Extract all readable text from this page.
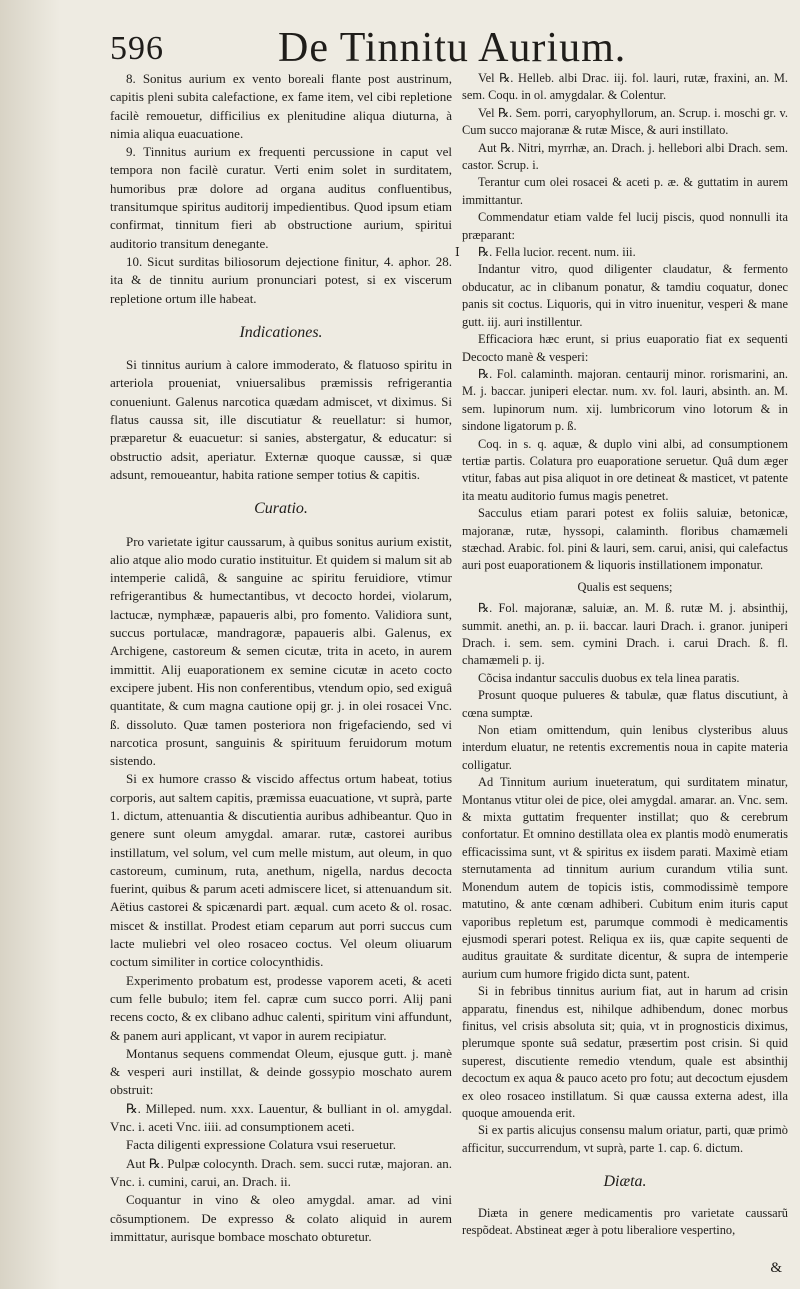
596	De Tinnitu Aurium.

8. Sonitus aurium ex vento boreali flante post austrinum, capitis pleni subita calefactione, ex fame item, vel cibi repletione facilè remouetur, difficilius ex plenitudine aliqua diuturna, à nimia aliqua euacuatione.

9. Tinnitus aurium ex frequenti percussione in caput vel tempora non facilè curatur. Verti enim solet in surditatem, humoribus præ dolore ad organa auditus confluentibus, transitumque spiritus auditorij impedientibus. Quod ipsum etiam confirmat, tinnitum fieri ab obstructione aurium, spiritui auditorio transitum denegante.

10. Sicut surditas biliosorum dejectione finitur, 4. aphor. 28. ita & de tinnitu aurium pronunciari potest, si ex viscerum repletione ortum ille habeat.

Indicationes.

Si tinnitus aurium à calore immoderato, & flatuoso spiritu in arteriola proueniat, vniuersalibus præmissis refrigerantia conueniunt. Galenus narcotica quædam admiscet, vt diximus. Si flatus caussa sit, ille discutiatur & reuellatur: si humor, præparetur & euacuetur: si sanies, abstergatur, & educatur: si obstructio adsit, aperiatur. Externæ quoque caussæ, si quæ adsunt, remoueantur, habita ratione semper totius & capitis.

Curatio.

Pro varietate igitur caussarum, à quibus sonitus aurium existit, alio atque alio modo curatio instituitur. Et quidem si malum sit ab intemperie calidâ, & sanguine ac spiritu feruidiore, vtimur refrigerantibus & humectantibus, vt decocto hordei, violarum, lactucæ, nymphææ, papaueris albi, pro fomento. Validiora sunt, succus portulacæ, mandragoræ, papaueris albi. Galenus, ex Archigene, castoreum & semen cicutæ, trita in aceto, in aurem immittit. Alij euaporationem ex semine cicutæ in aceto cocto excipere jubent. His non conferentibus, vtendum opio, sed exiguâ quantitate, & cum magna cautione opij gr. j. in olei rosacei Vnc. ß. dissoluto. Quæ tamen posteriora non frigefaciendo, sed vi narcotica prosunt, sanguinis & spirituum feruidorum motum sistendo.

Si ex humore crasso & viscido affectus ortum habeat, totius corporis, aut saltem capitis, præmissa euacuatione, vt suprà, parte 1. dictum, attenuantia & discutientia auribus adhibeantur. Quo in genere sunt oleum amygdal. amarar. rutæ, castorei auribus instillatum, vel solum, vel cum melle mistum, aut oleum, in quo castoreum, cuminum, ruta, anethum, nigella, nardus decocta fuerint, quibus & parum aceti admiscere licet, si attenuandum sit. Aëtius castorei & spicænardi part. æqual. cum aceto & ol. rosac. miscet & instillat. Prodest etiam ceparum aut porri succus cum lacte muliebri vel oleo rosaceo coctus. Vel oleum oliuarum coctum similiter in cortice colocynthidis.

Experimento probatum est, prodesse vaporem aceti, & aceti cum felle bubulo; item fel. capræ cum succo porri. Alij pani recens cocto, & ex clibano adhuc calenti, spiritum vini affundunt, & panem auri applicant, vt vapor in aurem recipiatur.

Montanus sequens commendat Oleum, ejusque gutt. j. manè & vesperi auri instillat, & deinde gossypio moschato aurem obstruit:

℞. Milleped. num. xxx. Lauentur, & bulliant in ol. amygdal. Vnc. i. aceti Vnc. iiii. ad consumptionem aceti.

Facta diligenti expressione Colatura vsui reseruetur.

Aut ℞. Pulpæ colocynth. Drach. sem. succi rutæ, majoran. an. Vnc. i. cumini, carui, an. Drach. ii.

Coquantur in vino & oleo amygdal. amar. ad vini cõsumptionem. De expresso & colato aliquid in aurem immittatur, aurisque bombace moschato obturetur.

Vel ℞. Helleb. albi Drac. iij. fol. lauri, rutæ, fraxini, an. M. sem. Coqu. in ol. amygdalar. & Colentur.

Vel ℞. Sem. porri, caryophyllorum, an. Scrup. i. moschi gr. v. Cum succo majoranæ & rutæ Misce, & auri instillato.

Aut ℞. Nitri, myrrhæ, an. Drach. j. hellebori albi Drach. sem. castor. Scrup. i.

Terantur cum olei rosacei & aceti p. æ. & guttatim in aurem immittantur.

Commendatur etiam valde fel lucij piscis, quod nonnulli ita præparant:

℞. Fella lucior. recent. num. iii.

Indantur vitro, quod diligenter claudatur, & fermento obducatur, ac in clibanum ponatur, & tamdiu coquatur, donec panis sit coctus. Liquoris, qui in vitro inuenitur, vesperi & mane gutt. iij. auri instillentur.

Efficaciora hæc erunt, si prius euaporatio fiat ex sequenti Decocto manè & vesperi:

℞. Fol. calaminth. majoran. centaurij minor. rorismarini, an. M. j. baccar. juniperi electar. num. xv. fol. lauri, absinth. an. M. sem. lupinorum num. xij. lumbricorum vino lotorum & in sindone ligatorum p. ß.

Coq. in s. q. aquæ, & duplo vini albi, ad consumptionem tertiæ partis. Colatura pro euaporatione seruetur. Quâ dum æger vtitur, fabas aut pisa aliquot in ore detineat & masticet, vt patente ita meatu auditorio fumus magis penetret.

Sacculus etiam parari potest ex foliis saluiæ, betonicæ, majoranæ, rutæ, hyssopi, calaminth. floribus chamæmeli stæchad. Arabic. fol. pini & lauri, sem. carui, anisi, qui calefactus auri post euaporationem & liquoris instillationem imponatur.

Qualis est sequens;

℞. Fol. majoranæ, saluiæ, an. M. ß. rutæ M. j. absinthij, summit. anethi, an. p. ii. baccar. lauri Drach. i. granor. juniperi Drach. i. sem. sem. cymini Drach. i. carui Drach. ß. fl. chamæmeli p. ij.

Cõcisa indantur sacculis duobus ex tela linea paratis.

Prosunt quoque pulueres & tabulæ, quæ flatus discutiunt, à cœna sumptæ.

Non etiam omittendum, quin lenibus clysteribus aluus interdum eluatur, ne retentis excrementis noua in capite materia colligatur.

Ad Tinnitum aurium inueteratum, qui surditatem minatur, Montanus vtitur olei de pice, olei amygdal. amarar. an. Vnc. sem. & mixta guttatim frequenter instillat; quo & cerebrum confortatur. Et omnino destillata olea ex plantis modò enumeratis efficacissima sunt, vt & spiritus ex iisdem parati. Maximè etiam sternutamenta ad tinnitum aurium curandum vtilia sunt. Monendum autem de topicis istis, commodissimè tempore matutino, & ante cœnam adhiberi. Cubitum enim ituris caput vaporibus repletum est, parumque commodi è medicamentis ejusmodi sperari potest. Reliqua ex iis, quæ capite sequenti de auditus grauitate & surditate dicentur, & supra de intemperie aurium cum humore frigido dicta sunt, patent.

Si in febribus tinnitus aurium fiat, aut in harum ad crisin apparatu, finendus est, nihilque adhibendum, donec morbus finitus, vel crisis absoluta sit; quia, vt in prognosticis diximus, plerumque sponte suâ sedatur, præsertim post crisin. Si quid superest, discutiente remedio vtendum, quale est absinthij decoctum ex aqua & pauco aceto pro fotu; aut decoctum ejusdem ex oleo rosaceo instillatum. Si quæ caussa externa adest, illa quoque amouenda erit.

Si ex partis alicujus consensu malum oriatur, parti, quæ primò afficitur, succurrendum, vt suprà, parte 1. cap. 6. dictum.

Diæta.

Diæta in genere medicamentis pro varietate caussarũ respõdeat. Abstineat æger à potu liberaliore vespertino,

Ⅰ
&
